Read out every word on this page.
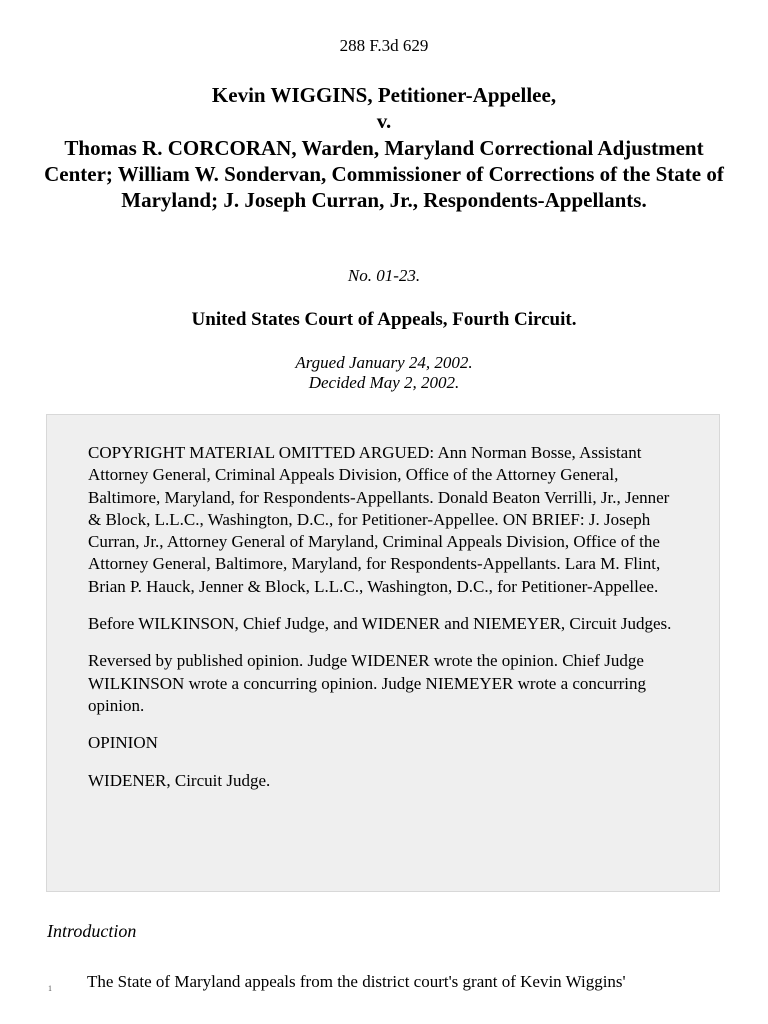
288 F.3d 629
Kevin WIGGINS, Petitioner-Appellee,
v.
Thomas R. CORCORAN, Warden, Maryland Correctional Adjustment Center; William W. Sondervan, Commissioner of Corrections of the State of Maryland; J. Joseph Curran, Jr., Respondents-Appellants.
No. 01-23.
United States Court of Appeals, Fourth Circuit.
Argued January 24, 2002.
Decided May 2, 2002.

COPYRIGHT MATERIAL OMITTED ARGUED: Ann Norman Bosse, Assistant Attorney General, Criminal Appeals Division, Office of the Attorney General, Baltimore, Maryland, for Respondents-Appellants. Donald Beaton Verrilli, Jr., Jenner & Block, L.L.C., Washington, D.C., for Petitioner-Appellee. ON BRIEF: J. Joseph Curran, Jr., Attorney General of Maryland, Criminal Appeals Division, Office of the Attorney General, Baltimore, Maryland, for Respondents-Appellants. Lara M. Flint, Brian P. Hauck, Jenner & Block, L.L.C., Washington, D.C., for Petitioner-Appellee.

Before WILKINSON, Chief Judge, and WIDENER and NIEMEYER, Circuit Judges.

Reversed by published opinion. Judge WIDENER wrote the opinion. Chief Judge WILKINSON wrote a concurring opinion. Judge NIEMEYER wrote a concurring opinion.

OPINION

WIDENER, Circuit Judge.

Introduction
1 The State of Maryland appeals from the district court's grant of Kevin Wiggins'
